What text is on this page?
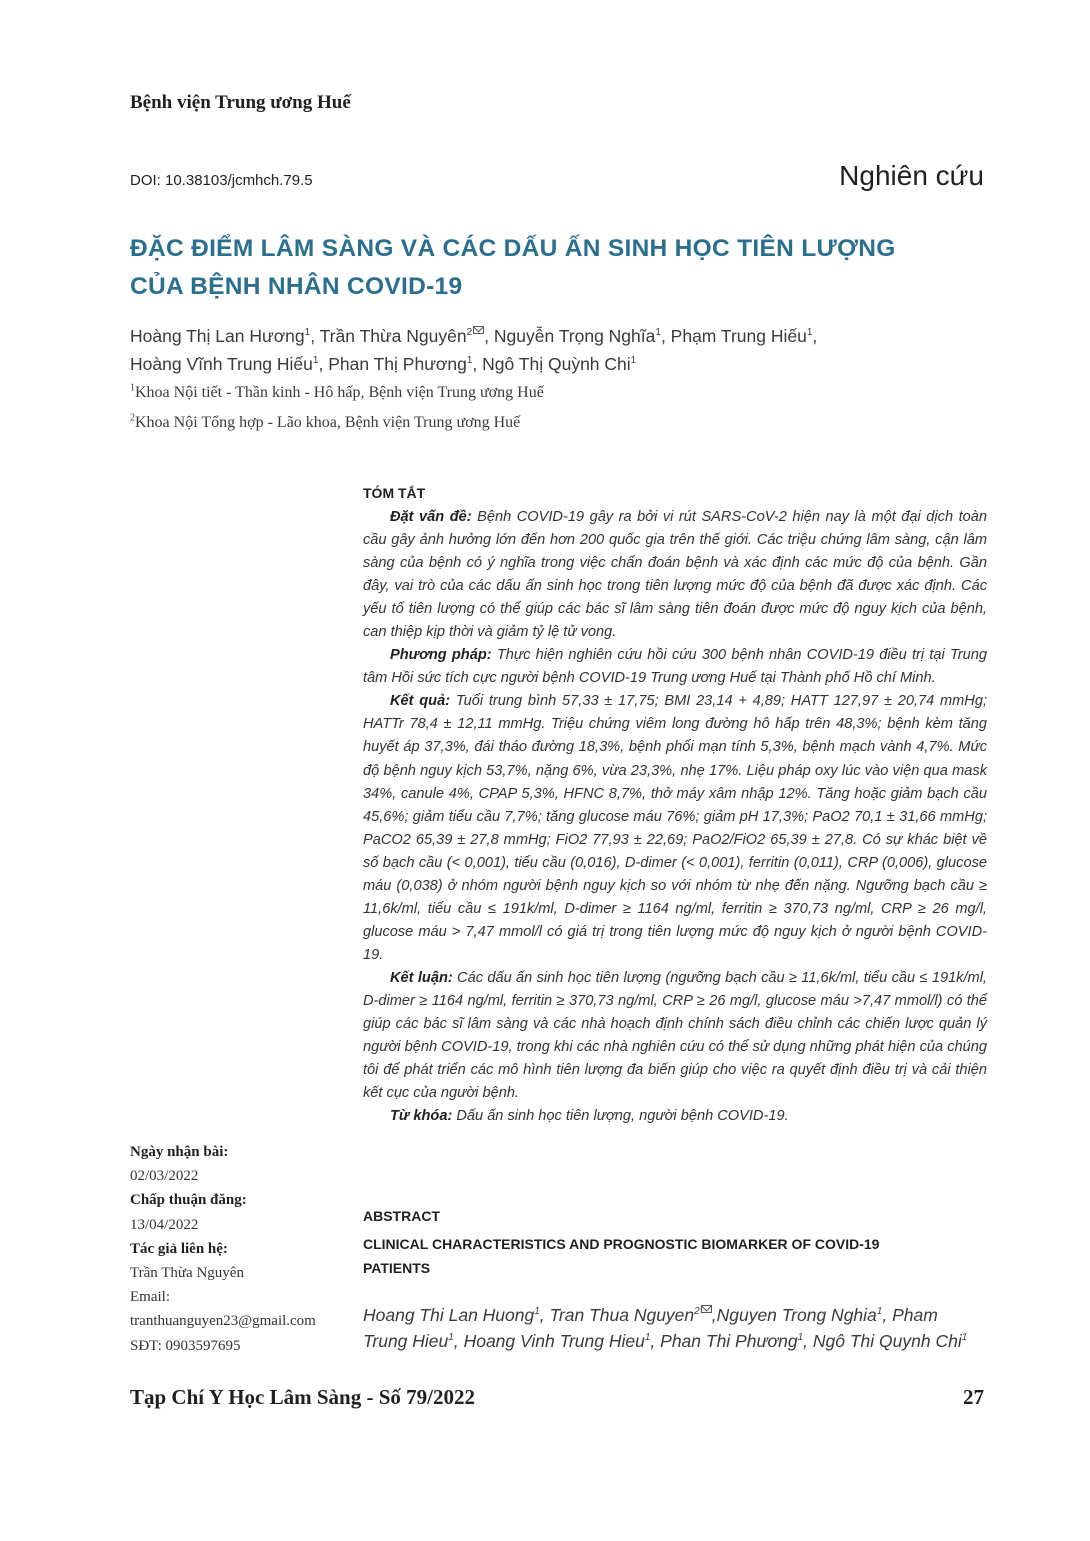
Bệnh viện Trung ương Huế
DOI: 10.38103/jcmhch.79.5	Nghiên cứu
ĐẶC ĐIỂM LÂM SÀNG VÀ CÁC DẤU ẤN SINH HỌC TIÊN LƯỢNG
CỦA BỆNH NHÂN COVID-19
Hoàng Thị Lan Hương$^1$, Trần Thừa Nguyên$^2$ , Nguyễn Trọng Nghĩa$^1$, Phạm Trung Hiếu$^1$,
Hoàng Vĩnh Trung Hiếu$^1$, Phan Thị Phương$^1$, Ngô Thị Quỳnh Chi$^1$
$^1$Khoa Nội tiết - Thần kinh - Hô hấp, Bệnh viện Trung ương Huế
$^2$Khoa Nội Tổng hợp - Lão khoa, Bệnh viện Trung ương Huế
TÓM TẮT

Đặt vấn đề: Bệnh COVID-19 gây ra bởi vi rút SARS-CoV-2 hiện nay là một đại dịch toàn cầu gây ảnh hưởng lớn đến hơn 200 quốc gia trên thế giới. Các triệu chứng lâm sàng, cận lâm sàng của bệnh có ý nghĩa trong việc chẩn đoán bệnh và xác định các mức độ của bệnh. Gần đây, vai trò của các dấu ấn sinh học trong tiên lượng mức độ của bệnh đã được xác định. Các yếu tố tiên lượng có thể giúp các bác sĩ lâm sàng tiên đoán được mức độ nguy kịch của bệnh, can thiệp kịp thời và giảm tỷ lệ tử vong.

Phương pháp: Thực hiện nghiên cứu hồi cứu 300 bệnh nhân COVID-19 điều trị tại Trung tâm Hồi sức tích cực người bệnh COVID-19 Trung ương Huế tại Thành phố Hồ chí Minh.

Kết quả: Tuổi trung bình 57,33 ± 17,75; BMI 23,14 + 4,89; HATT 127,97 ± 20,74 mmHg; HATTr 78,4 ± 12,11 mmHg. Triệu chứng viêm long đường hô hấp trên 48,3%; bệnh kèm tăng huyết áp 37,3%, đái tháo đường 18,3%, bệnh phổi mạn tính 5,3%, bệnh mạch vành 4,7%. Mức độ bệnh nguy kịch 53,7%, nặng 6%, vừa 23,3%, nhẹ 17%. Liệu pháp oxy lúc vào viện qua mask 34%, canule 4%, CPAP 5,3%, HFNC 8,7%, thở máy xâm nhập 12%. Tăng hoặc giảm bạch cầu 45,6%; giảm tiểu cầu 7,7%; tăng glucose máu 76%; giảm pH 17,3%; PaO2 70,1 ± 31,66 mmHg; PaCO2 65,39 ± 27,8 mmHg; FiO2 77,93 ± 22,69; PaO2/FiO2 65,39 ± 27,8. Có sự khác biệt về số bạch cầu (< 0,001), tiểu cầu (0,016), D-dimer (< 0,001), ferritin (0,011), CRP (0,006), glucose máu (0,038) ở nhóm người bệnh nguy kịch so với nhóm từ nhẹ đến nặng. Ngưỡng bạch cầu ≥ 11,6k/ml, tiểu cầu ≤ 191k/ml, D-dimer ≥ 1164 ng/ml, ferritin ≥ 370,73 ng/ml, CRP ≥ 26 mg/l, glucose máu > 7,47 mmol/l có giá trị trong tiên lượng mức độ nguy kịch ở người bệnh COVID-19.

Kết luận: Các dấu ấn sinh học tiên lượng (ngưỡng bạch cầu ≥ 11,6k/ml, tiểu cầu ≤ 191k/ml, D-dimer ≥ 1164 ng/ml, ferritin ≥ 370,73 ng/ml, CRP ≥ 26 mg/l, glucose máu >7,47 mmol/l) có thể giúp các bác sĩ lâm sàng và các nhà hoạch định chính sách điều chỉnh các chiến lược quản lý người bệnh COVID-19, trong khi các nhà nghiên cứu có thể sử dụng những phát hiện của chúng tôi để phát triển các mô hình tiên lượng đa biến giúp cho việc ra quyết định điều trị và cải thiện kết cục của người bệnh.

Từ khóa: Dấu ấn sinh học tiên lượng, người bệnh COVID-19.

Ngày nhận bài:
02/03/2022
Chấp thuận đăng:
13/04/2022
Tác giả liên hệ:
Trần Thừa Nguyên
Email:
tranthuanguyen23@gmail.com
SĐT: 0903597695
ABSTRACT
CLINICAL CHARACTERISTICS AND PROGNOSTIC BIOMARKER OF COVID-19
PATIENTS
Hoang Thi Lan Huong$^1$, Tran Thua Nguyen$^2$ ,Nguyen Trong Nghia$^1$, Pham
Trung Hieu$^1$, Hoang Vinh Trung Hieu$^1$, Phan Thi Phương$^1$, Ngô Thi Quynh Chi$^1$
Tạp Chí Y Học Lâm Sàng - Số 79/2022	27
